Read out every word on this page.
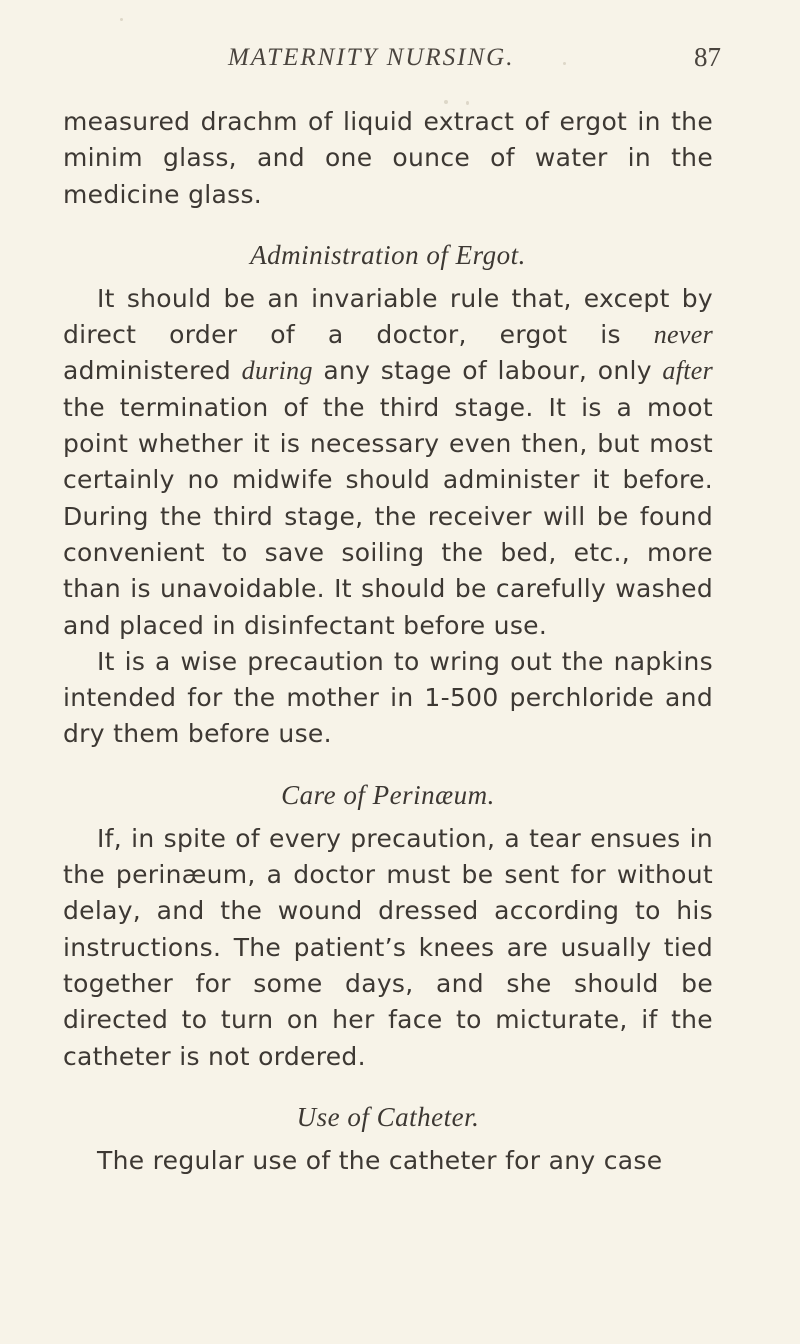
MATERNITY NURSING.	87

measured drachm of liquid extract of ergot in the minim glass, and one ounce of water in the medicine glass.

Administration of Ergot.

It should be an invariable rule that, except by direct order of a doctor, ergot is never administered during any stage of labour, only after the termination of the third stage. It is a moot point whether it is necessary even then, but most certainly no midwife should administer it before. During the third stage, the receiver will be found convenient to save soiling the bed, etc., more than is unavoidable. It should be carefully washed and placed in disinfectant before use.

It is a wise precaution to wring out the napkins intended for the mother in 1-500 perchloride and dry them before use.

Care of Perinæum.

If, in spite of every precaution, a tear ensues in the perinæum, a doctor must be sent for without delay, and the wound dressed according to his instructions. The patient’s knees are usually tied together for some days, and she should be directed to turn on her face to micturate, if the catheter is not ordered.

Use of Catheter.

The regular use of the catheter for any case
